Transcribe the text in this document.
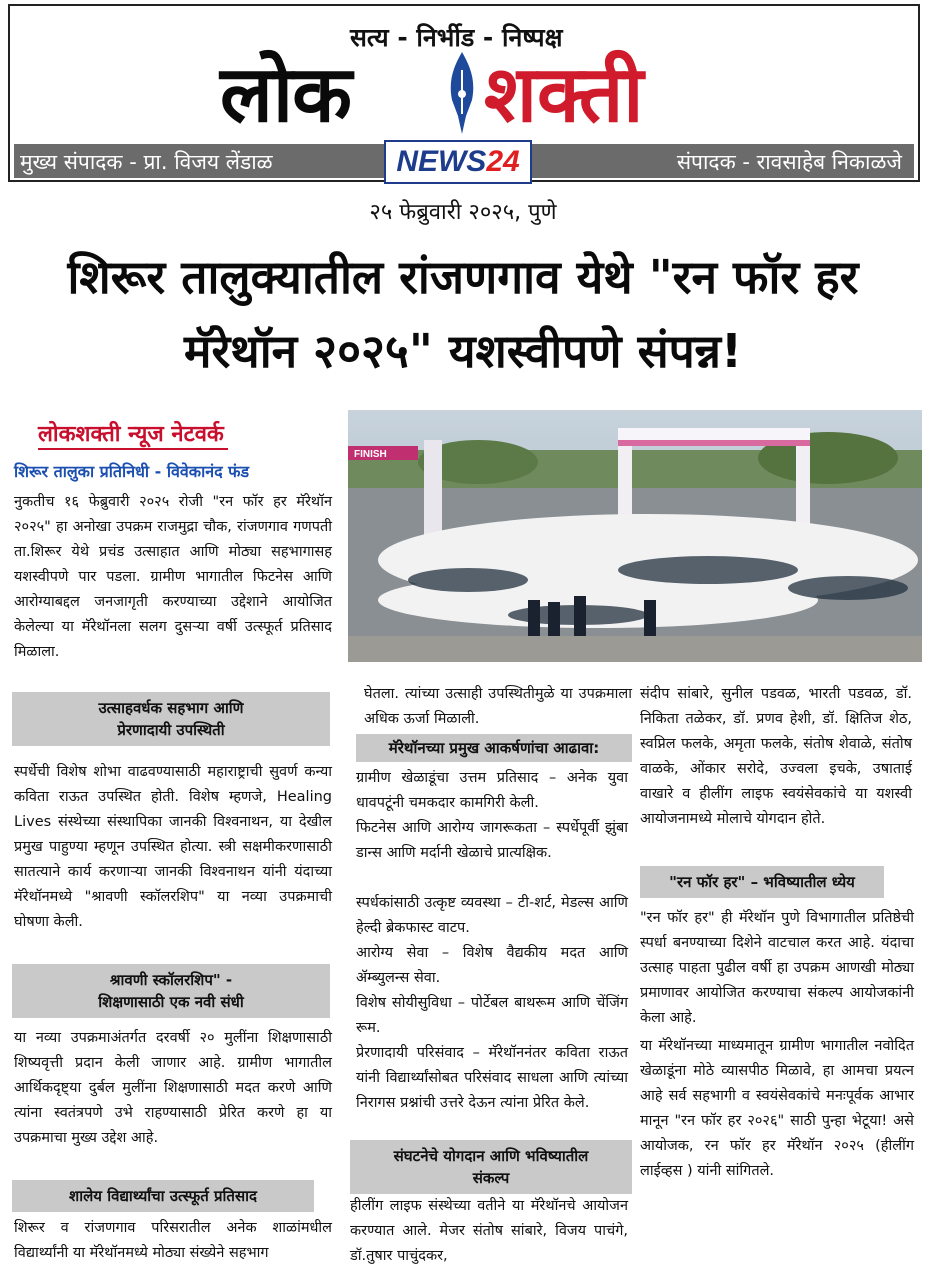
सत्य - निर्भीड - निष्पक्ष
लोक शक्ती
मुख्य संपादक - प्रा. विजय लेंडाळ	संपादक - रावसाहेब निकाळजे
NEWS24
२५ फेब्रुवारी २०२५, पुणे
शिरूर तालुक्यातील रांजणगाव येथे "रन फॉर हर मॅरेथॉन २०२५" यशस्वीपणे संपन्न!
लोकशक्ती न्यूज नेटवर्क
शिरूर तालुका प्रतिनिधी - विवेकानंद फंड
FINISH

नुकतीच १६ फेब्रुवारी २०२५ रोजी "रन फॉर हर मॅरेथॉन २०२५" हा अनोखा उपक्रम राजमुद्रा चौक, रांजणगाव गणपती ता.शिरूर येथे प्रचंड उत्साहात आणि मोठ्या सहभागासह यशस्वीपणे पार पडला. ग्रामीण भागातील फिटनेस आणि आरोग्याबद्दल जनजागृती करण्याच्या उद्देशाने आयोजित केलेल्या या मॅरेथॉनला सलग दुसऱ्या वर्षी उत्स्फूर्त प्रतिसाद मिळाला.

उत्साहवर्धक सहभाग आणि
प्रेरणादायी उपस्थिती

स्पर्धेची विशेष शोभा वाढवण्यासाठी महाराष्ट्राची सुवर्ण कन्या कविता राऊत उपस्थित होती. विशेष म्हणजे, Healing Lives संस्थेच्या संस्थापिका जानकी विश्वनाथन, या देखील प्रमुख पाहुण्या म्हणून उपस्थित होत्या. स्त्री सक्षमीकरणासाठी सातत्याने कार्य करणाऱ्या जानकी विश्वनाथन यांनी यंदाच्या मॅरेथॉनमध्ये "श्रावणी स्कॉलरशिप" या नव्या उपक्रमाची घोषणा केली.

श्रावणी स्कॉलरशिप" -
शिक्षणासाठी एक नवी संधी

या नव्या उपक्रमाअंतर्गत दरवर्षी २० मुलींना शिक्षणासाठी शिष्यवृत्ती प्रदान केली जाणार आहे. ग्रामीण भागातील आर्थिकदृष्ट्या दुर्बल मुलींना शिक्षणासाठी मदत करणे आणि त्यांना स्वतंत्रपणे उभे राहण्यासाठी प्रेरित करणे हा या उपक्रमाचा मुख्य उद्देश आहे.

शालेय विद्यार्थ्यांचा उत्स्फूर्त प्रतिसाद

शिरूर व रांजणगाव परिसरातील अनेक शाळांमधील विद्यार्थ्यांनी या मॅरेथॉनमध्ये मोठ्या संख्येने सहभाग

घेतला. त्यांच्या उत्साही उपस्थितीमुळे या उपक्रमाला अधिक ऊर्जा मिळाली.

मॅरेथॉनच्या प्रमुख आकर्षणांचा आढावा:

ग्रामीण खेळाडूंचा उत्तम प्रतिसाद – अनेक युवा धावपटूंनी चमकदार कामगिरी केली.

फिटनेस आणि आरोग्य जागरूकता – स्पर्धेपूर्वी झुंबा डान्स आणि मर्दानी खेळाचे प्रात्यक्षिक.

स्पर्धकांसाठी उत्कृष्ट व्यवस्था – टी-शर्ट, मेडल्स आणि हेल्दी ब्रेकफास्ट वाटप.

आरोग्य सेवा – विशेष वैद्यकीय मदत आणि ॲम्ब्युलन्स सेवा.

विशेष सोयीसुविधा – पोर्टेबल बाथरूम आणि चेंजिंग रूम.

प्रेरणादायी परिसंवाद – मॅरेथॉननंतर कविता राऊत यांनी विद्यार्थ्यांसोबत परिसंवाद साधला आणि त्यांच्या निरागस प्रश्नांची उत्तरे देऊन त्यांना प्रेरित केले.

संघटनेचे योगदान आणि भविष्यातील
संकल्प

हीलींग लाइफ संस्थेच्या वतीने या मॅरेथॉनचे आयोजन करण्यात आले. मेजर संतोष सांबारे, विजय पाचंगे, डॉ.तुषार पाचुंदकर,

संदीप सांबारे, सुनील पडवळ, भारती पडवळ, डॉ. निकिता तळेकर, डॉ. प्रणव हेशी, डॉ. क्षितिज शेठ, स्वप्निल फलके, अमृता फलके, संतोष शेवाळे, संतोष वाळके, ओंकार सरोदे, उज्वला इचके, उषाताई वाखारे व हीलींग लाइफ स्वयंसेवकांचे या यशस्वी आयोजनामध्ये मोलाचे योगदान होते.

"रन फॉर हर" – भविष्यातील ध्येय

"रन फॉर हर" ही मॅरेथॉन पुणे विभागातील प्रतिष्ठेची स्पर्धा बनण्याच्या दिशेने वाटचाल करत आहे. यंदाचा उत्साह पाहता पुढील वर्षी हा उपक्रम आणखी मोठ्या प्रमाणावर आयोजित करण्याचा संकल्प आयोजकांनी केला आहे.

या मॅरेथॉनच्या माध्यमातून ग्रामीण भागातील नवोदित खेळाडूंना मोठे व्यासपीठ मिळावे, हा आमचा प्रयत्न आहे सर्व सहभागी व स्वयंसेवकांचे मनःपूर्वक आभार मानून "रन फॉर हर २०२६" साठी पुन्हा भेटूया! असे आयोजक, रन फॉर हर मॅरेथॉन २०२५ (हीलींग लाईव्हस ) यांनी सांगितले.
